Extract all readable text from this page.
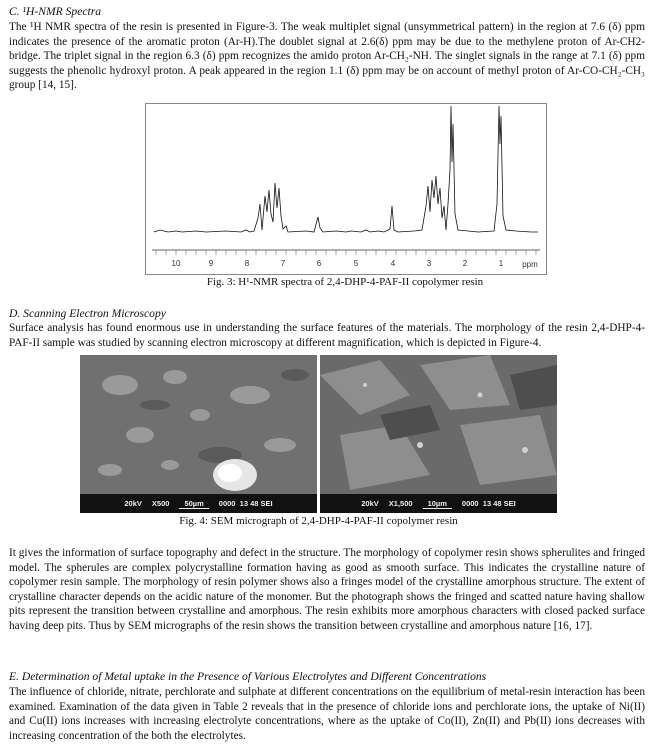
C. ¹H-NMR Spectra

The ¹H NMR spectra of the resin is presented in Figure-3. The weak multiplet signal (unsymmetrical pattern) in the region at 7.6 (δ) ppm indicates the presence of the aromatic proton (Ar-H).The doublet signal at 2.6(δ) ppm may be due to the methylene proton of Ar-CH2- bridge. The triplet signal in the region 6.3 (δ) ppm recognizes the amido proton Ar-CH₂-NH. The singlet signals in the range at 7.1 (δ) ppm suggests the phenolic hydroxyl proton. A peak appeared in the region 1.1 (δ) ppm may be on account of methyl proton of Ar-CO-CH₂-CH₃ group [14, 15].

10	9	8	7	6	5	4	3	2	1 ppm
Fig. 3: H¹-NMR spectra of 2,4-DHP-4-PAF-II copolymer resin
D. Scanning Electron Microscopy

Surface analysis has found enormous use in understanding the surface features of the materials. The morphology of the resin 2,4-DHP-4-PAF-II sample was studied by scanning electron microscopy at different magnification, which is depicted in Figure-4.

20kV X500	50µm	0000  13 48 SEI	20kV X1,500	10µm	0000  13 48 SEI
Fig. 4: SEM micrograph of 2,4-DHP-4-PAF-II copolymer resin

It gives the information of surface topography and defect in the structure. The morphology of copolymer resin shows spherulites and fringed model. The spherules are complex polycrystalline formation having as good as smooth surface. This indicates the crystalline nature of copolymer resin sample. The morphology of resin polymer shows also a fringes model of the crystalline amorphous structure. The extent of crystalline character depends on the acidic nature of the monomer. But the photograph shows the fringed and scatted nature having shallow pits represent the transition between crystalline and amorphous. The resin exhibits more amorphous characters with closed packed surface having deep pits. Thus by SEM micrographs of the resin shows the transition between crystalline and amorphous nature [16, 17].

E. Determination of Metal uptake in the Presence of Various Electrolytes and Different Concentrations

The influence of chloride, nitrate, perchlorate and sulphate at different concentrations on the equilibrium of metal-resin interaction has been examined. Examination of the data given in Table 2 reveals that in the presence of chloride ions and perchlorate ions, the uptake of Ni(II) and Cu(II) ions increases with increasing electrolyte concentrations, where as the uptake of Co(II), Zn(II) and Pb(II) ions decreases with increasing concentration of the both the electrolytes.
